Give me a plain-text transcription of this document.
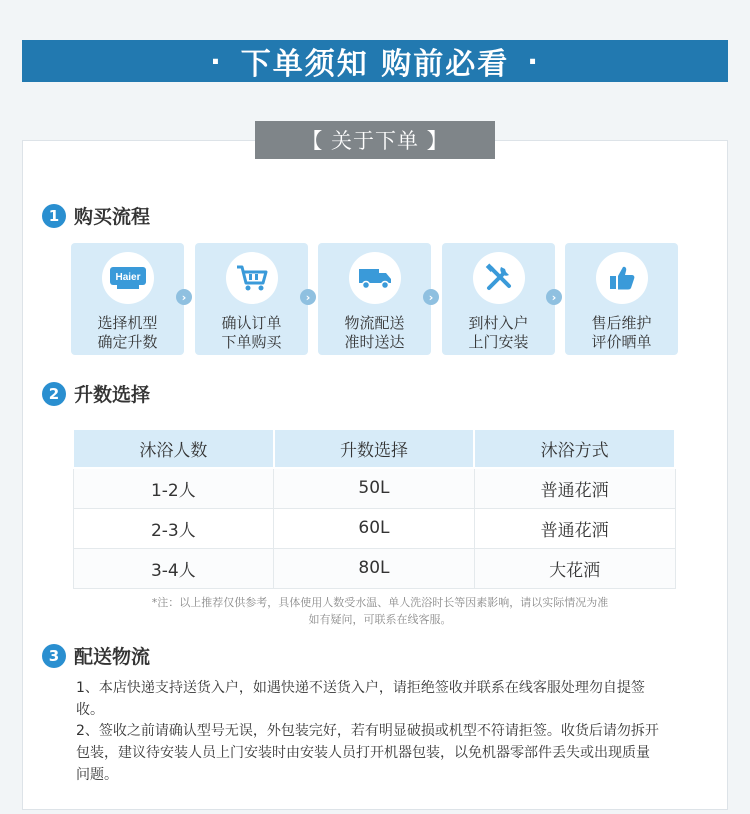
· 下单须知 购前必看 ·
【 关于下单 】
1 购买流程
Haier
选择机型
确定升数
›
确认订单
下单购买
›
物流配送
准时送达
›
到村入户
上门安装
›
售后维护
评价晒单
2 升数选择
沐浴人数	升数选择	沐浴方式
1-2人	50L	普通花洒
2-3人	60L	普通花洒
3-4人	80L	大花洒
*注：以上推荐仅供参考，具体使用人数受水温、单人洗浴时长等因素影响，请以实际情况为准
如有疑问，可联系在线客服。
3 配送物流
1、本店快递支持送货入户，如遇快递不送货入户，请拒绝签收并联系在线客服处理勿自提签收。
2、签收之前请确认型号无误，外包装完好，若有明显破损或机型不符请拒签。收货后请勿拆开包装，建议待安装人员上门安装时由安装人员打开机器包装，以免机器零部件丢失或出现质量问题。
